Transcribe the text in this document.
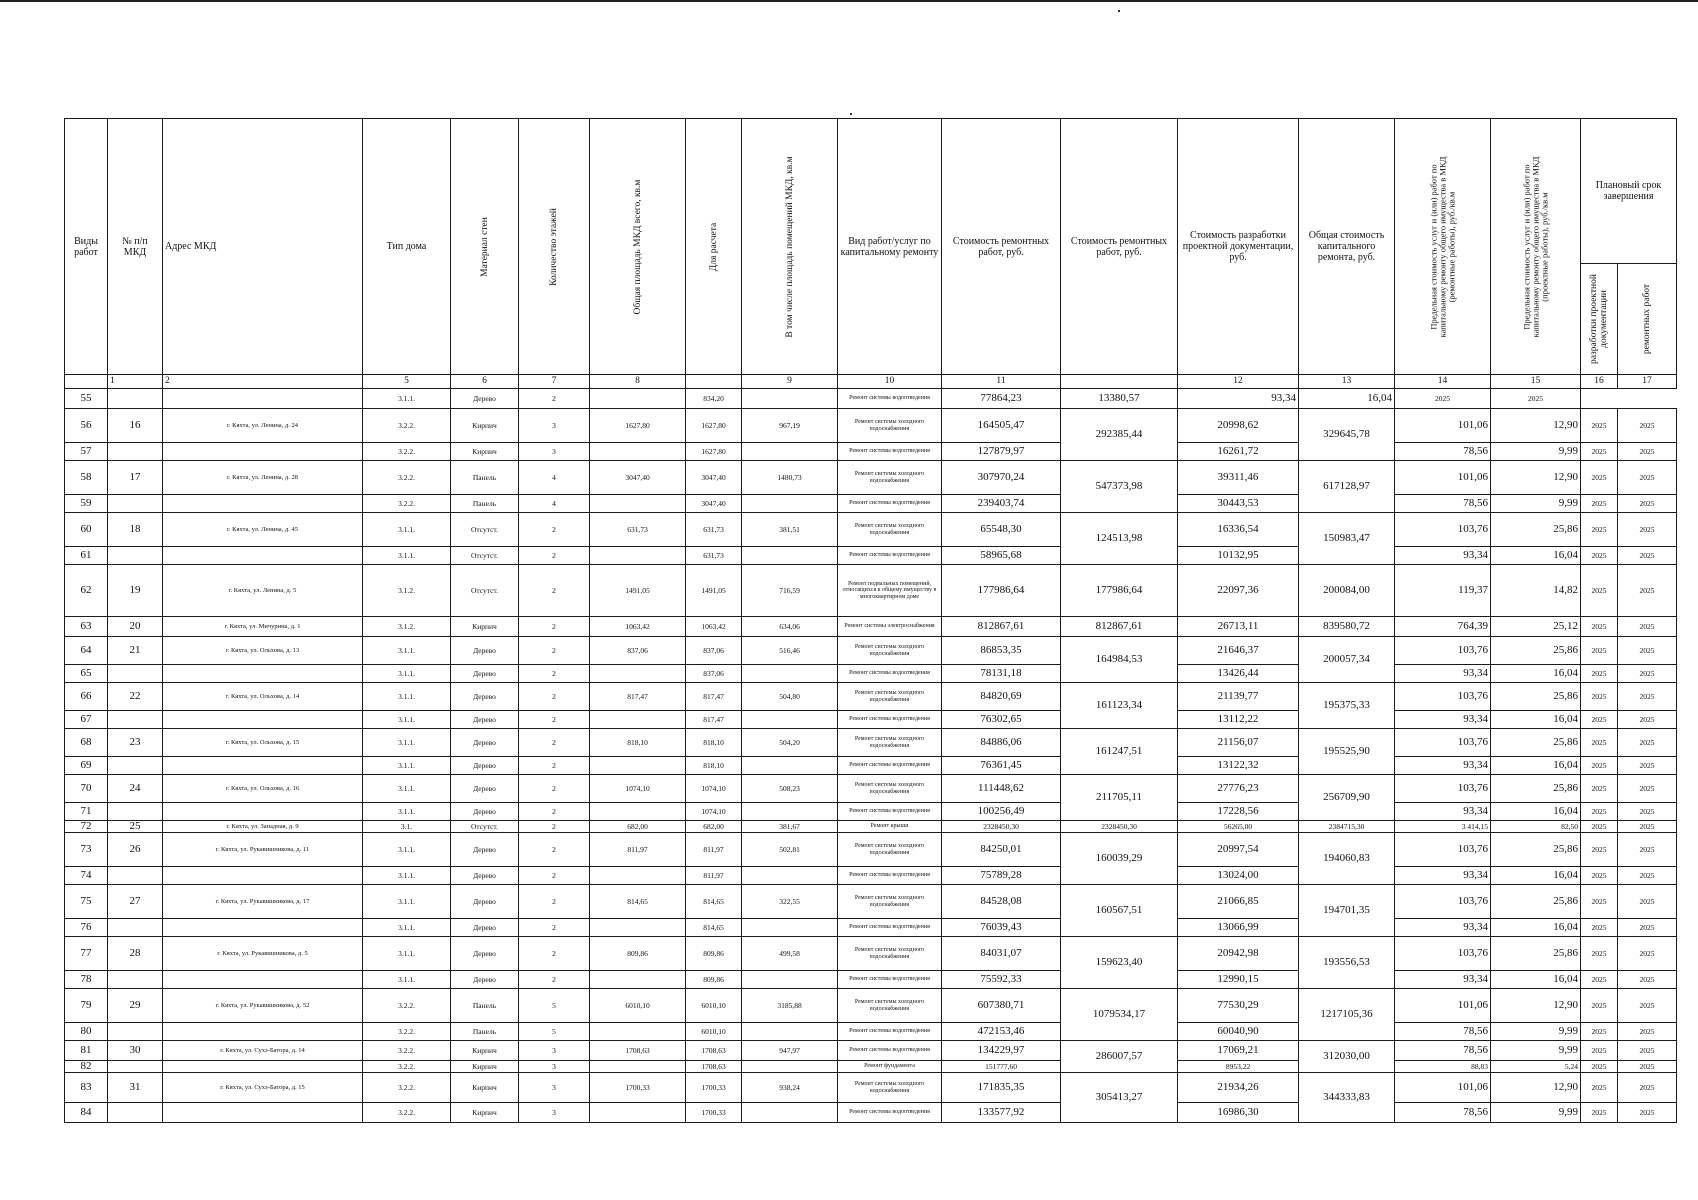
Виды работ	№ п/п МКД	Адрес МКД	Тип дома	Материал стен	Количество этажей	Общая площадь МКД всего, кв.м	Для расчета	В том числе площадь помещений МКД, кв.м	Вид работ/услуг по капитальному ремонту	Стоимость ремонтных работ, руб.	Стоимость ремонтных работ, руб.	Стоимость разработки проектной документации, руб.	Общая стоимость капитального ремонта, руб.	Предельная стоимость услуг и (или) работ по капитальному ремонту общего имущества в МКД (ремонтные работы), руб./кв.м	Предельная стоимость услуг и (или) работ по капитальному ремонту общего имущества в МКД (проектные работы), руб./кв.м	Плановый срок завершения	

																разработки проектной документации	ремонтных работ

	1	2	5	6	7	8		9	10	11		12	13	14	15	16	17
55			3.1.1.	Дерево	2		834,20		Ремонт системы водоотведения	77864,23	13380,57	93,34	16,04	2025	2025		
56	16	г. Кяхта, ул. Ленина, д. 24	3.2.2.	Кирпич	3	1627,80	1627,80	967,19	Ремонт системы холодного водоснабжения	164505,47	292385,44	20998,62	329645,78	101,06	12,90	2025	2025
57			3.2.2.	Кирпич	3		1627,80		Ремонт системы водоотведения	127879,97		16261,72		78,56	9,99	2025	2025
58	17	г. Кяхта, ул. Ленина, д. 28	3.2.2.	Панель	4	3047,40	3047,40	1480,73	Ремонт системы холодного водоснабжения	307970,24	547373,98	39311,46	617128,97	101,06	12,90	2025	2025
59			3.2.2.	Панель	4		3047,40		Ремонт системы водоотведения	239403,74		30443,53		78,56	9,99	2025	2025
60	18	г. Кяхта, ул. Ленина, д. 45	3.1.1.	Отсутст.	2	631,73	631,73	381,51	Ремонт системы холодного водоснабжения	65548,30	124513,98	16336,54	150983,47	103,76	25,86	2025	2025
61			3.1.1.	Отсутст.	2		631,73		Ремонт системы водоотведения	58965,68		10132,95		93,34	16,04	2025	2025
62	19	г. Кяхта, ул. Ленина, д. 5	3.1.2.	Отсутст.	2	1491,05	1491,05	716,59	Ремонт подвальных помещений, относящихся к общему имуществу в многоквартирном доме	177986,64	177986,64	22097,36	200084,00	119,37	14,82	2025	2025
63	20	г. Кяхта, ул. Мичурина, д. 1	3.1.2.	Кирпич	2	1063,42	1063,42	634,06	Ремонт системы электроснабжения	812867,61	812867,61	26713,11	839580,72	764,39	25,12	2025	2025
64	21	г. Кяхта, ул. Ольхова, д. 13	3.1.1.	Дерево	2	837,06	837,06	516,46	Ремонт системы холодного водоснабжения	86853,35	164984,53	21646,37	200057,34	103,76	25,86	2025	2025
65			3.1.1.	Дерево	2		837,06		Ремонт системы водоотведения	78131,18		13426,44		93,34	16,04	2025	2025
66	22	г. Кяхта, ул. Ольхова, д. 14	3.1.1.	Дерево	2	817,47	817,47	504,80	Ремонт системы холодного водоснабжения	84820,69	161123,34	21139,77	195375,33	103,76	25,86	2025	2025
67			3.1.1.	Дерево	2		817,47		Ремонт системы водоотведения	76302,65		13112,22		93,34	16,04	2025	2025
68	23	г. Кяхта, ул. Ольхова, д. 15	3.1.1.	Дерево	2	818,10	818,10	504,20	Ремонт системы холодного водоснабжения	84886,06	161247,51	21156,07	195525,90	103,76	25,86	2025	2025
69			3.1.1.	Дерево	2		818,10		Ремонт системы водоотведения	76361,45		13122,32		93,34	16,04	2025	2025
70	24	г. Кяхта, ул. Ольхова, д. 16	3.1.1.	Дерево	2	1074,10	1074,10	508,23	Ремонт системы холодного водоснабжения	111448,62	211705,11	27776,23	256709,90	103,76	25,86	2025	2025
71			3.1.1.	Дерево	2		1074,10		Ремонт системы водоотведения	100256,49		17228,56		93,34	16,04	2025	2025
72	25	г. Кяхта, ул. Западная, д. 9	3.1.	Отсутст.	2	682,00	682,00	381,67	Ремонт крыши	2328450,30	2328450,30	56265,00	2384715,30	3 414,15	82,50	2025	2025
73	26	г. Кяхта, ул. Рукавишникова, д. 11	3.1.1.	Дерево	2	811,97	811,97	502,81	Ремонт системы холодного водоснабжения	84250,01	160039,29	20997,54	194060,83	103,76	25,86	2025	2025
74			3.1.1.	Дерево	2		811,97		Ремонт системы водоотведения	75789,28		13024,00		93,34	16,04	2025	2025
75	27	г. Кяхта, ул. Рукавишникова, д. 17	3.1.1.	Дерево	2	814,65	814,65	322,55	Ремонт системы холодного водоснабжения	84528,08	160567,51	21066,85	194701,35	103,76	25,86	2025	2025
76			3.1.1.	Дерево	2		814,65		Ремонт системы водоотведения	76039,43		13066,99		93,34	16,04	2025	2025
77	28	г. Кяхта, ул. Рукавишникова, д. 5	3.1.1.	Дерево	2	809,86	809,86	499,58	Ремонт системы холодного водоснабжения	84031,07	159623,40	20942,98	193556,53	103,76	25,86	2025	2025
78			3.1.1.	Дерево	2		809,86		Ремонт системы водоотведения	75592,33		12990,15		93,34	16,04	2025	2025
79	29	г. Кяхта, ул. Рукавишникова, д. 52	3.2.2.	Панель	5	6010,10	6010,10	3185,88	Ремонт системы холодного водоснабжения	607380,71	1079534,17	77530,29	1217105,36	101,06	12,90	2025	2025
80			3.2.2.	Панель	5		6010,10		Ремонт системы водоотведения	472153,46		60040,90		78,56	9,99	2025	2025
81	30	г. Кяхта, ул. Сухэ-Батора, д. 14	3.2.2.	Кирпич	3	1708,63	1708,63	947,97	Ремонт системы водоотведения	134229,97	286007,57	17069,21	312030,00	78,56	9,99	2025	2025
82			3.2.2.	Кирпич	3		1708,63		Ремонт фундамента	151777,60		8953,22		88,83	5,24	2025	2025
83	31	г. Кяхта, ул. Сухэ-Батора, д. 15	3.2.2.	Кирпич	3	1700,33	1700,33	938,24	Ремонт системы холодного водоснабжения	171835,35	305413,27	21934,26	344333,83	101,06	12,90	2025	2025
84			3.2.2.	Кирпич	3		1700,33		Ремонт системы водоотведения	133577,92		16986,30		78,56	9,99	2025	2025
